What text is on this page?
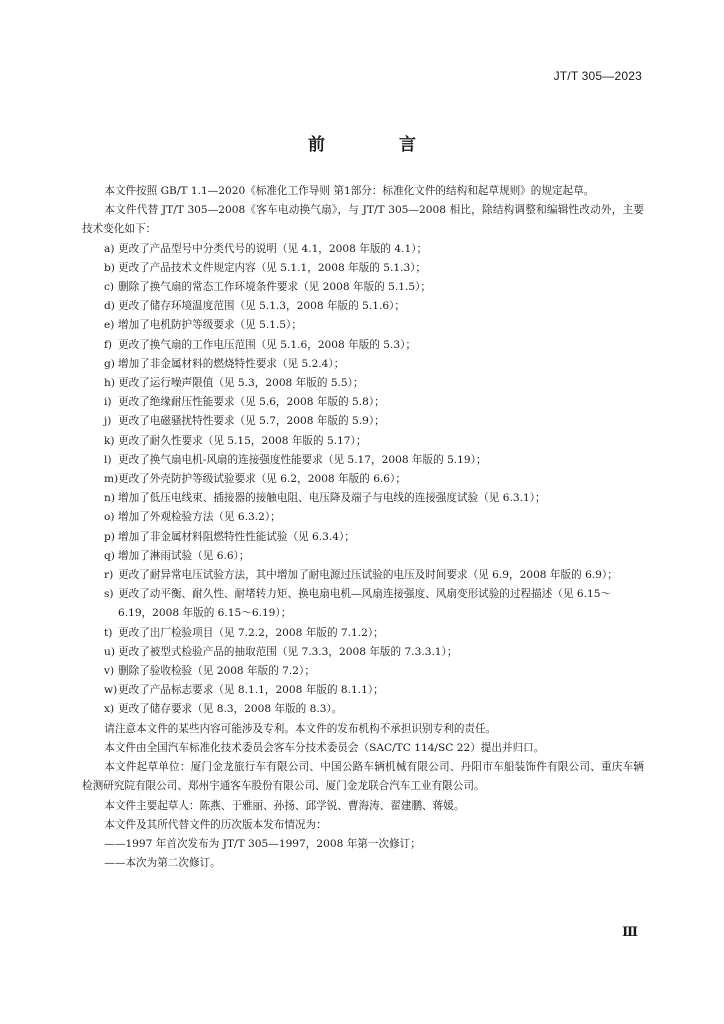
JT/T 305—2023
前 言

本文件按照 GB/T 1.1—2020《标准化工作导则 第1部分：标准化文件的结构和起草规则》的规定起草。

本文件代替 JT/T 305—2008《客车电动换气扇》，与 JT/T 305—2008 相比，除结构调整和编辑性改动外，主要技术变化如下：

a) 更改了产品型号中分类代号的说明（见 4.1，2008 年版的 4.1）；
b) 更改了产品技术文件规定内容（见 5.1.1，2008 年版的 5.1.3）；
c) 删除了换气扇的常态工作环境条件要求（见 2008 年版的 5.1.5）；
d) 更改了储存环境温度范围（见 5.1.3，2008 年版的 5.1.6）；
e) 增加了电机防护等级要求（见 5.1.5）；
f) 更改了换气扇的工作电压范围（见 5.1.6，2008 年版的 5.3）；
g) 增加了非金属材料的燃烧特性要求（见 5.2.4）；
h) 更改了运行噪声限值（见 5.3，2008 年版的 5.5）；
i) 更改了绝缘耐压性能要求（见 5.6，2008 年版的 5.8）；
j) 更改了电磁骚扰特性要求（见 5.7，2008 年版的 5.9）；
k) 更改了耐久性要求（见 5.15，2008 年版的 5.17）；
l) 更改了换气扇电机-风扇的连接强度性能要求（见 5.17，2008 年版的 5.19）；
m) 更改了外壳防护等级试验要求（见 6.2，2008 年版的 6.6）；
n) 增加了低压电线束、插接器的接触电阻、电压降及端子与电线的连接强度试验（见 6.3.1）；
o) 增加了外观检验方法（见 6.3.2）；
p) 增加了非金属材料阻燃特性性能试验（见 6.3.4）；
q) 增加了淋雨试验（见 6.6）；
r) 更改了耐异常电压试验方法，其中增加了耐电源过压试验的电压及时间要求（见 6.9，2008 年版的 6.9）；
s) 更改了动平衡、耐久性、耐堵转力矩、换电扇电机—风扇连接强度、风扇变形试验的过程描述（见 6.15～6.19，2008 年版的 6.15～6.19）；
t) 更改了出厂检验项目（见 7.2.2，2008 年版的 7.1.2）；
u) 更改了被型式检验产品的抽取范围（见 7.3.3，2008 年版的 7.3.3.1）；
v) 删除了验收检验（见 2008 年版的 7.2）；
w) 更改了产品标志要求（见 8.1.1，2008 年版的 8.1.1）；
x) 更改了储存要求（见 8.3，2008 年版的 8.3）。

请注意本文件的某些内容可能涉及专利。本文件的发布机构不承担识别专利的责任。

本文件由全国汽车标准化技术委员会客车分技术委员会（SAC/TC 114/SC 22）提出并归口。

本文件起草单位：厦门金龙旅行车有限公司、中国公路车辆机械有限公司、丹阳市车船装饰件有限公司、重庆车辆检测研究院有限公司、郑州宇通客车股份有限公司、厦门金龙联合汽车工业有限公司。

本文件主要起草人：陈燕、于雅丽、孙扬、邱学锐、曹海涛、翟建鹏、蒋媛。

本文件及其所代替文件的历次版本发布情况为：

——1997 年首次发布为 JT/T 305—1997，2008 年第一次修订；

——本次为第二次修订。

Ⅲ
